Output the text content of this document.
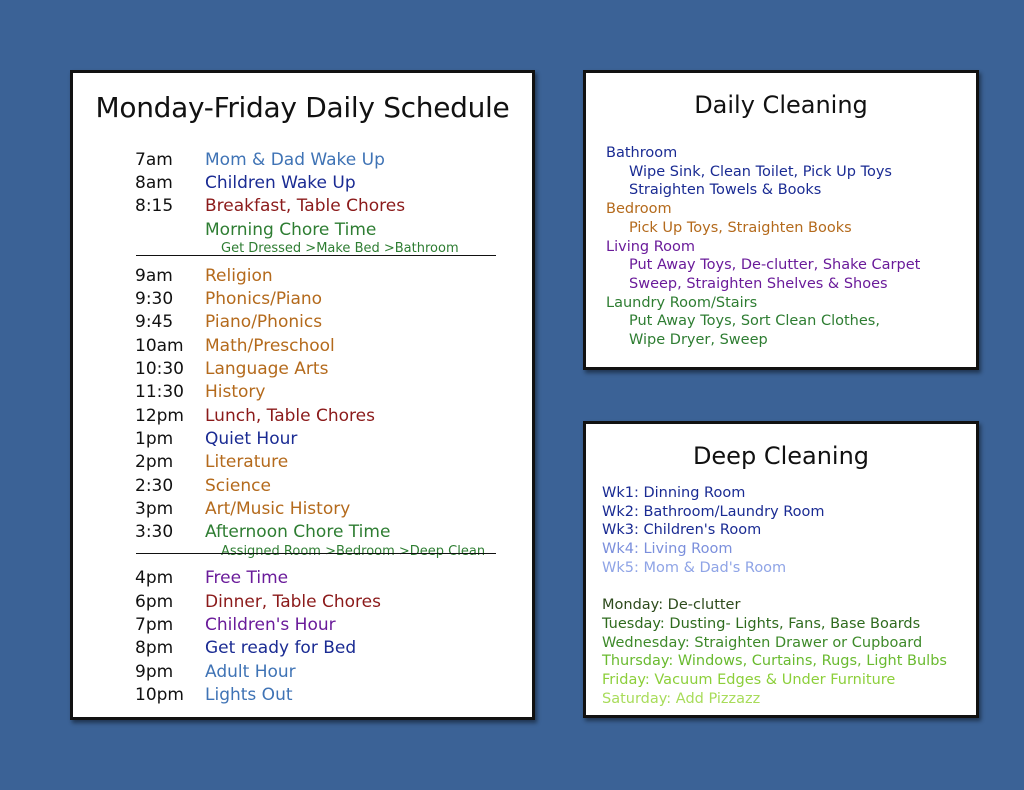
Monday-Friday Daily Schedule
7am	Mom & Dad Wake Up
8am	Children Wake Up
8:15	Breakfast, Table Chores
Morning Chore Time
Get Dressed >Make Bed >Bathroom
9am	Religion
9:30	Phonics/Piano
9:45	Piano/Phonics
10am	Math/Preschool
10:30	Language Arts
11:30	History
12pm	Lunch, Table Chores
1pm	Quiet Hour
2pm	Literature
2:30	Science
3pm	Art/Music History
3:30	Afternoon Chore Time
Assigned Room >Bedroom >Deep Clean
4pm	Free Time
6pm	Dinner, Table Chores
7pm	Children's Hour
8pm	Get ready for Bed
9pm	Adult Hour
10pm	Lights Out
Daily Cleaning
Bathroom
Wipe Sink, Clean Toilet, Pick Up Toys
Straighten Towels & Books
Bedroom
Pick Up Toys, Straighten Books
Living Room
Put Away Toys, De-clutter, Shake Carpet
Sweep, Straighten Shelves & Shoes
Laundry Room/Stairs
Put Away Toys, Sort Clean Clothes,
Wipe Dryer, Sweep
Deep Cleaning
Wk1: Dinning Room
Wk2: Bathroom/Laundry Room
Wk3: Children's Room
Wk4: Living Room
Wk5: Mom & Dad's Room
Monday: De-clutter
Tuesday: Dusting- Lights, Fans, Base Boards
Wednesday: Straighten Drawer or Cupboard
Thursday: Windows, Curtains, Rugs, Light Bulbs
Friday: Vacuum Edges & Under Furniture
Saturday: Add Pizzazz
